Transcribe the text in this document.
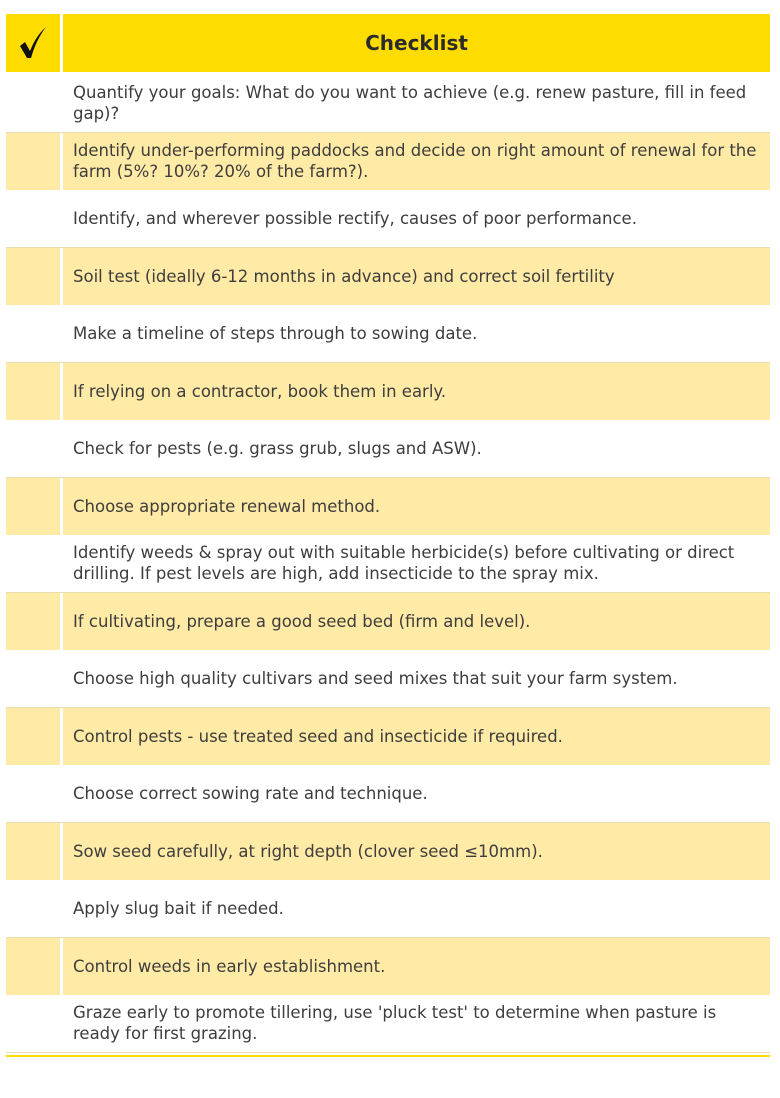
Checklist
Quantify your goals: What do you want to achieve (e.g. renew pasture, fill in feed gap)?
Identify under-performing paddocks and decide on right amount of renewal for the farm (5%? 10%? 20% of the farm?).
Identify, and wherever possible rectify, causes of poor performance.
Soil test (ideally 6-12 months in advance) and correct soil fertility
Make a timeline of steps through to sowing date.
If relying on a contractor, book them in early.
Check for pests (e.g. grass grub, slugs and ASW).
Choose appropriate renewal method.
Identify weeds & spray out with suitable herbicide(s) before cultivating or direct drilling. If pest levels are high, add insecticide to the spray mix.
If cultivating, prepare a good seed bed (firm and level).
Choose high quality cultivars and seed mixes that suit your farm system.
Control pests - use treated seed and insecticide if required.
Choose correct sowing rate and technique.
Sow seed carefully, at right depth (clover seed ≤10mm).
Apply slug bait if needed.
Control weeds in early establishment.
Graze early to promote tillering, use 'pluck test' to determine when pasture is ready for first grazing.
